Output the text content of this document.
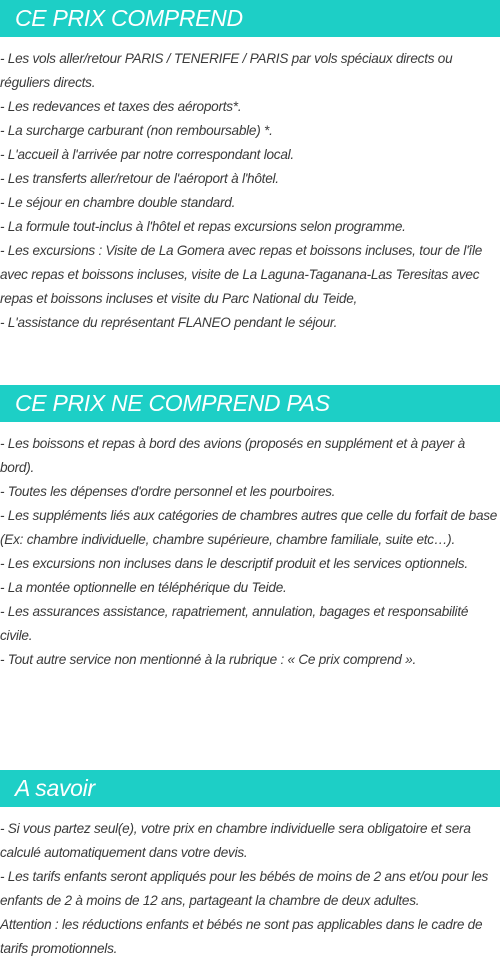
CE PRIX COMPREND

- Les vols aller/retour PARIS / TENERIFE / PARIS par vols spéciaux directs ou réguliers directs.

- Les redevances et taxes des aéroports*.

- La surcharge carburant (non remboursable) *.

- L'accueil à l'arrivée par notre correspondant local.

- Les transferts aller/retour de l'aéroport à l'hôtel.

- Le séjour en chambre double standard.

- La formule tout-inclus à l'hôtel et repas excursions selon programme.

- Les excursions : Visite de La Gomera avec repas et boissons incluses, tour de l'île avec repas et boissons incluses, visite de La Laguna-Taganana-Las Teresitas avec repas et boissons incluses et visite du Parc National du Teide,

- L'assistance du représentant FLANEO pendant le séjour.

CE PRIX NE COMPREND PAS

- Les boissons et repas à bord des avions (proposés en supplément et à payer à bord).

- Toutes les dépenses d'ordre personnel et les pourboires.

- Les suppléments liés aux catégories de chambres autres que celle du forfait de base (Ex: chambre individuelle, chambre supérieure, chambre familiale, suite etc…).

- Les excursions non incluses dans le descriptif produit et les services optionnels.

- La montée optionnelle en téléphérique du Teide.

- Les assurances assistance, rapatriement, annulation, bagages et responsabilité civile.

- Tout autre service non mentionné à la rubrique : « Ce prix comprend ».

A savoir

- Si vous partez seul(e), votre prix en chambre individuelle sera obligatoire et sera calculé automatiquement dans votre devis.

- Les tarifs enfants seront appliqués pour les bébés de moins de 2 ans et/ou pour les enfants de 2 à moins de 12 ans, partageant la chambre de deux adultes.

Attention : les réductions enfants et bébés ne sont pas applicables dans le cadre de tarifs promotionnels.
